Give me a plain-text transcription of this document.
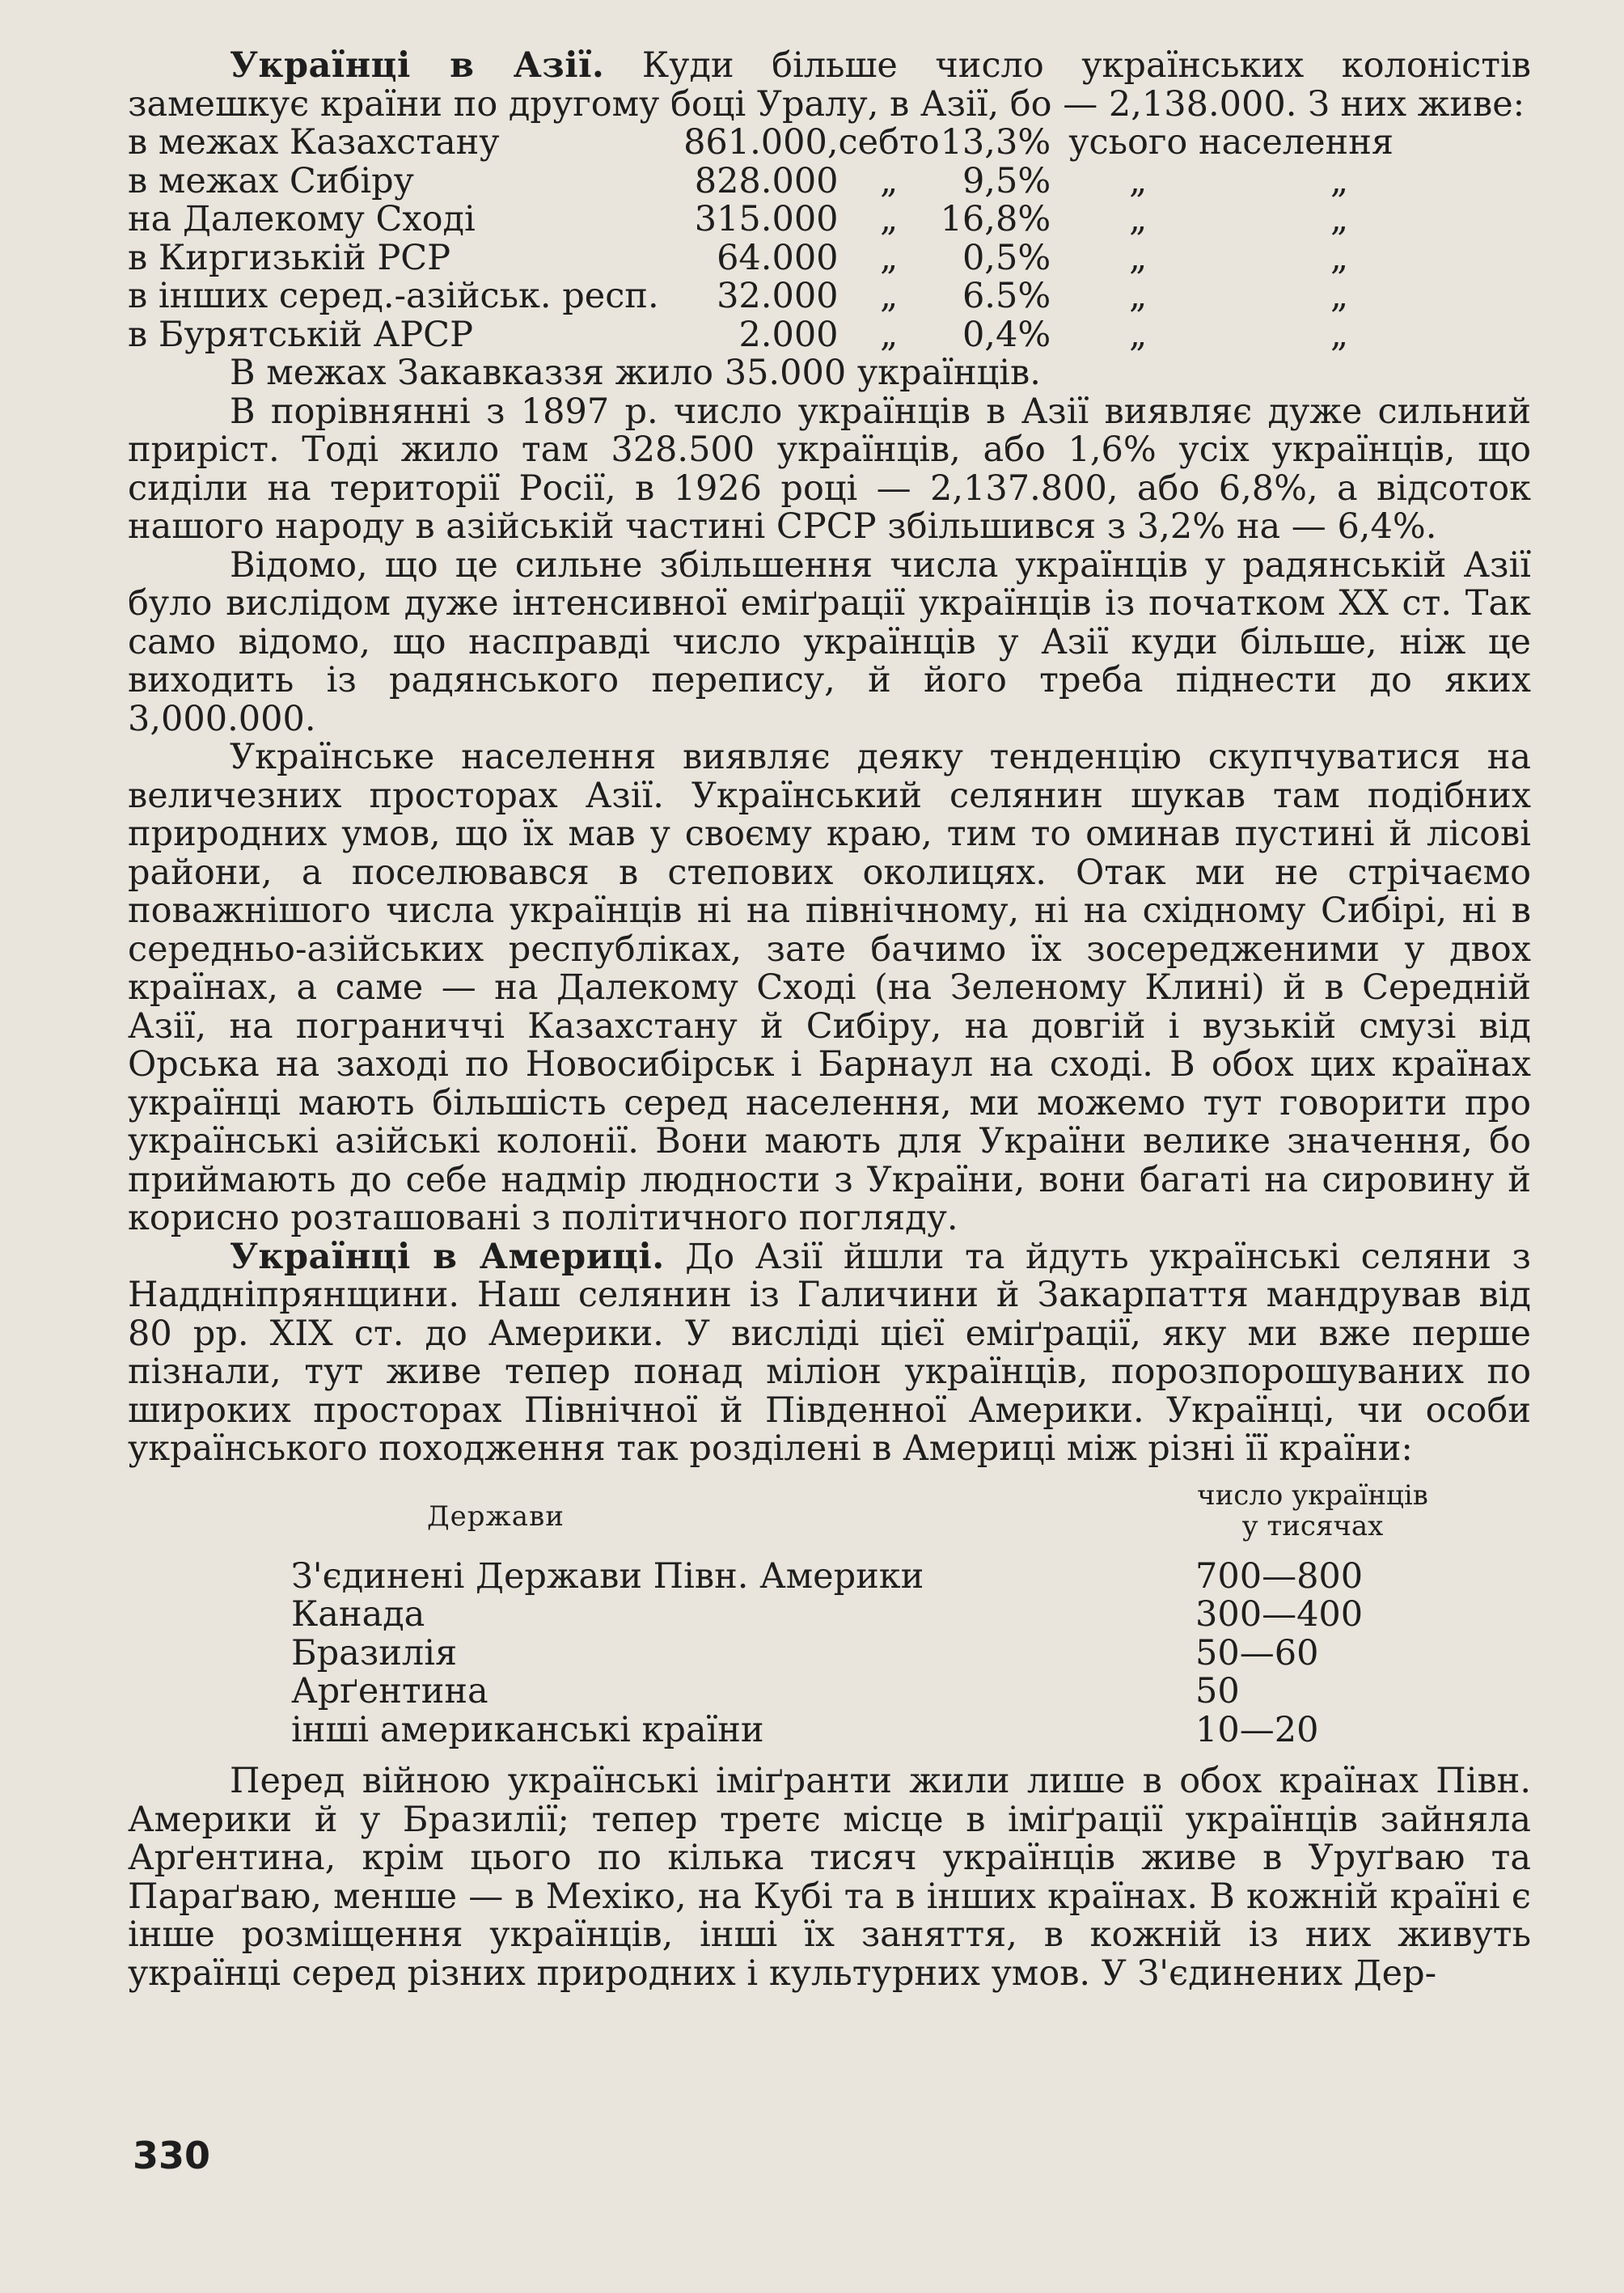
Українці в Азії. Куди більше число українських колоністів замешкує країни по другому боці Уралу, в Азії, бо — 2,138.000. З них живе:

в межах Казахстану	861.000,	себто	13,3%	усього населення
в межах Сибіру	828.000	„	9,5%	„ „
на Далекому Сході	315.000	„	16,8%	„ „
в Киргизькій РСР	64.000	„	0,5%	„ „
в інших серед.-азійськ. респ.	32.000	„	6.5%	„ „
в Бурятській АРСР	2.000	„	0,4%	„ „

В межах Закавказзя жило 35.000 українців.

В порівнянні з 1897 р. число українців в Азії виявляє дуже сильний приріст. Тоді жило там 328.500 українців, або 1,6% усіх українців, що сиділи на території Росії, в 1926 році — 2,137.800, або 6,8%, а відсоток нашого народу в азійській частині СРСР збільшився з 3,2% на — 6,4%.

Відомо, що це сильне збільшення числа українців у радянській Азії було вислідом дуже інтенсивної еміґрації українців із початком XX ст. Так само відомо, що насправді число українців у Азії куди більше, ніж це виходить із радянського перепису, й його треба піднести до яких 3,000.000.

Українське населення виявляє деяку тенденцію скупчуватися на величезних просторах Азії. Український селянин шукав там подібних природних умов, що їх мав у своєму краю, тим то оминав пустині й лісові райони, а поселювався в степових околицях. Отак ми не стрічаємо поважнішого числа українців ні на північному, ні на східному Сибірі, ні в середньо-азійських республіках, зате бачимо їх зосередженими у двох країнах, а саме — на Далекому Сході (на Зеленому Клині) й в Середній Азії, на пограниччі Казахстану й Сибіру, на довгій і вузькій смузі від Орська на заході по Новосибірськ і Барнаул на сході. В обох цих країнах українці мають більшість серед населення, ми можемо тут говорити про українські азійські колонії. Вони мають для України велике значення, бо приймають до себе надмір людности з України, вони багаті на сировину й корисно розташовані з політичного погляду.

Українці в Америці. До Азії йшли та йдуть українські селяни з Наддніпрянщини. Наш селянин із Галичини й Закарпаття мандрував від 80 рр. XIX ст. до Америки. У висліді цієї еміґрації, яку ми вже перше пізнали, тут живе тепер понад міліон українців, порозпорошуваних по широких просторах Північної й Південної Америки. Українці, чи особи українського походження так розділені в Америці між різні її країни:

Держави
число українців
у тисячах
З'єдинені Держави Півн. Америки	700—800
Канада	300—400
Бразилія	50—60
Арґентина	50
інші американські країни	10—20

Перед війною українські іміґранти жили лише в обох країнах Півн. Америки й у Бразилії; тепер третє місце в іміґрації українців зайняла Арґентина, крім цього по кілька тисяч українців живе в Уруґваю та Параґваю, менше — в Мехіко, на Кубі та в інших країнах. В кожній країні є інше розміщення українців, інші їх заняття, в кожній із них живуть українці серед різних природних і культурних умов. У З'єдинених Дер-

330
